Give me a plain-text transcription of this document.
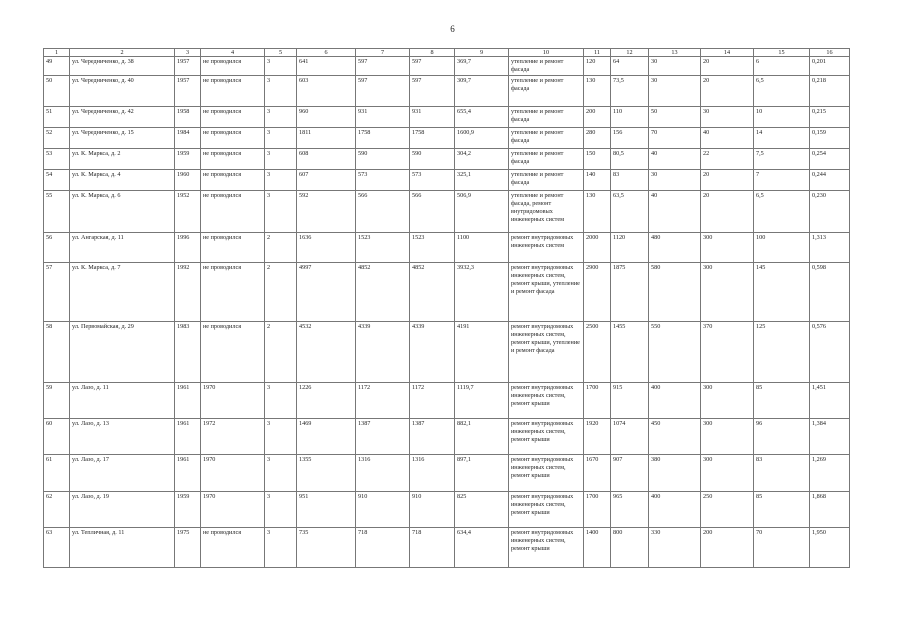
6
1	2	3	4	5	6	7	8	9	10	11	12	13	14	15	16
49	ул. Чередниченко, д. 38	1957	не проводился	3	641	597	597	369,7	утепление и ремонт фасада	120	64	30	20	6	0,201
50	ул. Чередниченко, д. 40	1957	не проводился	3	603	597	597	309,7	утепление и ремонт фасада	130	73,5	30	20	6,5	0,218
51	ул. Чередниченко, д. 42	1958	не проводился	3	960	931	931	655,4	утепление и ремонт фасада	200	110	50	30	10	0,215
52	ул. Чередниченко, д. 15	1984	не проводился	3	1811	1758	1758	1600,9	утепление и ремонт фасада	280	156	70	40	14	0,159
53	ул. К. Маркса, д. 2	1959	не проводился	3	608	590	590	304,2	утепление и ремонт фасада	150	80,5	40	22	7,5	0,254
54	ул. К. Маркса, д. 4	1960	не проводился	3	607	573	573	325,1	утепление и ремонт фасада	140	83	30	20	7	0,244
55	ул. К. Маркса, д. 6	1952	не проводился	3	592	566	566	506,9	утепление и ремонт фасада, ремонт внутридомовых инженерных систем	130	63,5	40	20	6,5	0,230
56	ул. Ангарская, д. 11	1996	не проводился	2	1636	1523	1523	1100	ремонт внутридомовых инженерных систем	2000	1120	480	300	100	1,313
57	ул. К. Маркса, д. 7	1992	не проводился	2	4997	4852	4852	3932,3	ремонт внутридомовых инженерных систем, ремонт крыши, утепление и ремонт фасада	2900	1875	580	300	145	0,598
58	ул. Первомайская, д. 29	1983	не проводился	2	4532	4339	4339	4191	ремонт внутридомовых инженерных систем, ремонт крыши, утепление и ремонт фасада	2500	1455	550	370	125	0,576
59	ул. Лазо, д. 11	1961	1970	3	1226	1172	1172	1119,7	ремонт внутридомовых инженерных систем, ремонт крыши	1700	915	400	300	85	1,451
60	ул. Лазо, д. 13	1961	1972	3	1469	1387	1387	882,1	ремонт внутридомовых инженерных систем, ремонт крыши	1920	1074	450	300	96	1,384
61	ул. Лазо, д. 17	1961	1970	3	1355	1316	1316	897,1	ремонт внутридомовых инженерных систем, ремонт крыши	1670	907	380	300	83	1,269
62	ул. Лазо, д. 19	1959	1970	3	951	910	910	825	ремонт внутридомовых инженерных систем, ремонт крыши	1700	965	400	250	85	1,868
63	ул. Тепличная, д. 11	1975	не проводился	3	735	718	718	634,4	ремонт внутридомовых инженерных систем, ремонт крыши	1400	800	330	200	70	1,950
